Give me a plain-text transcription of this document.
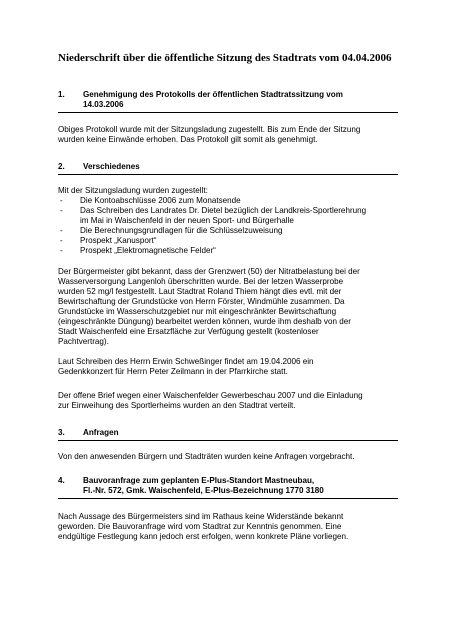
Niederschrift über die öffentliche Sitzung des Stadtrats vom 04.04.2006
1. Genehmigung des Protokolls der öffentlichen Stadtratssitzung vom
14.03.2006

Obiges Protokoll wurde mit der Sitzungsladung zugestellt. Bis zum Ende der Sitzung
wurden keine Einwände erhoben. Das Protokoll gilt somit als genehmigt.

2. Verschiedenes

Mit der Sitzungsladung wurden zugestellt:

- Die Kontoabschlüsse 2006 zum Monatsende
- Das Schreiben des Landrates Dr. Dietel bezüglich der Landkreis-Sportlerehrung
im Mai in Waischenfeld in der neuen Sport- und Bürgerhalle
- Die Berechnungsgrundlagen für die Schlüsselzuweisung
- Prospekt „Kanusport“
- Prospekt „Elektromagnetische Felder“

Der Bürgermeister gibt bekannt, dass der Grenzwert (50) der Nitratbelastung bei der
Wasserversorgung Langenloh überschritten wurde. Bei der letzen Wasserprobe
wurden 52 mg/l festgestellt. Laut Stadtrat Roland Thiem hängt dies evtl. mit der
Bewirtschaftung der Grundstücke von Herrn Förster, Windmühle zusammen. Da
Grundstücke im Wasserschutzgebiet nur mit eingeschränkter Bewirtschaftung
(eingeschränkte Düngung) bearbeitet werden können, wurde ihm deshalb von der
Stadt Waischenfeld eine Ersatzfläche zur Verfügung gestellt (kostenloser
Pachtvertrag).

Laut Schreiben des Herrn Erwin Schweßinger findet am 19.04.2006 ein
Gedenkkonzert für Herrn Peter Zeilmann in der Pfarrkirche statt.

Der offene Brief wegen einer Waischenfelder Gewerbeschau 2007 und die Einladung
zur Einweihung des Sportlerheims wurden an den Stadtrat verteilt.

3. Anfragen

Von den anwesenden Bürgern und Stadträten wurden keine Anfragen vorgebracht.

4. Bauvoranfrage zum geplanten E-Plus-Standort Mastneubau,
Fl.-Nr. 572, Gmk. Waischenfeld, E-Plus-Bezeichnung 1770 3180

Nach Aussage des Bürgermeisters sind im Rathaus keine Widerstände bekannt
geworden. Die Bauvoranfrage wird vom Stadtrat zur Kenntnis genommen. Eine
endgültige Festlegung kann jedoch erst erfolgen, wenn konkrete Pläne vorliegen.
